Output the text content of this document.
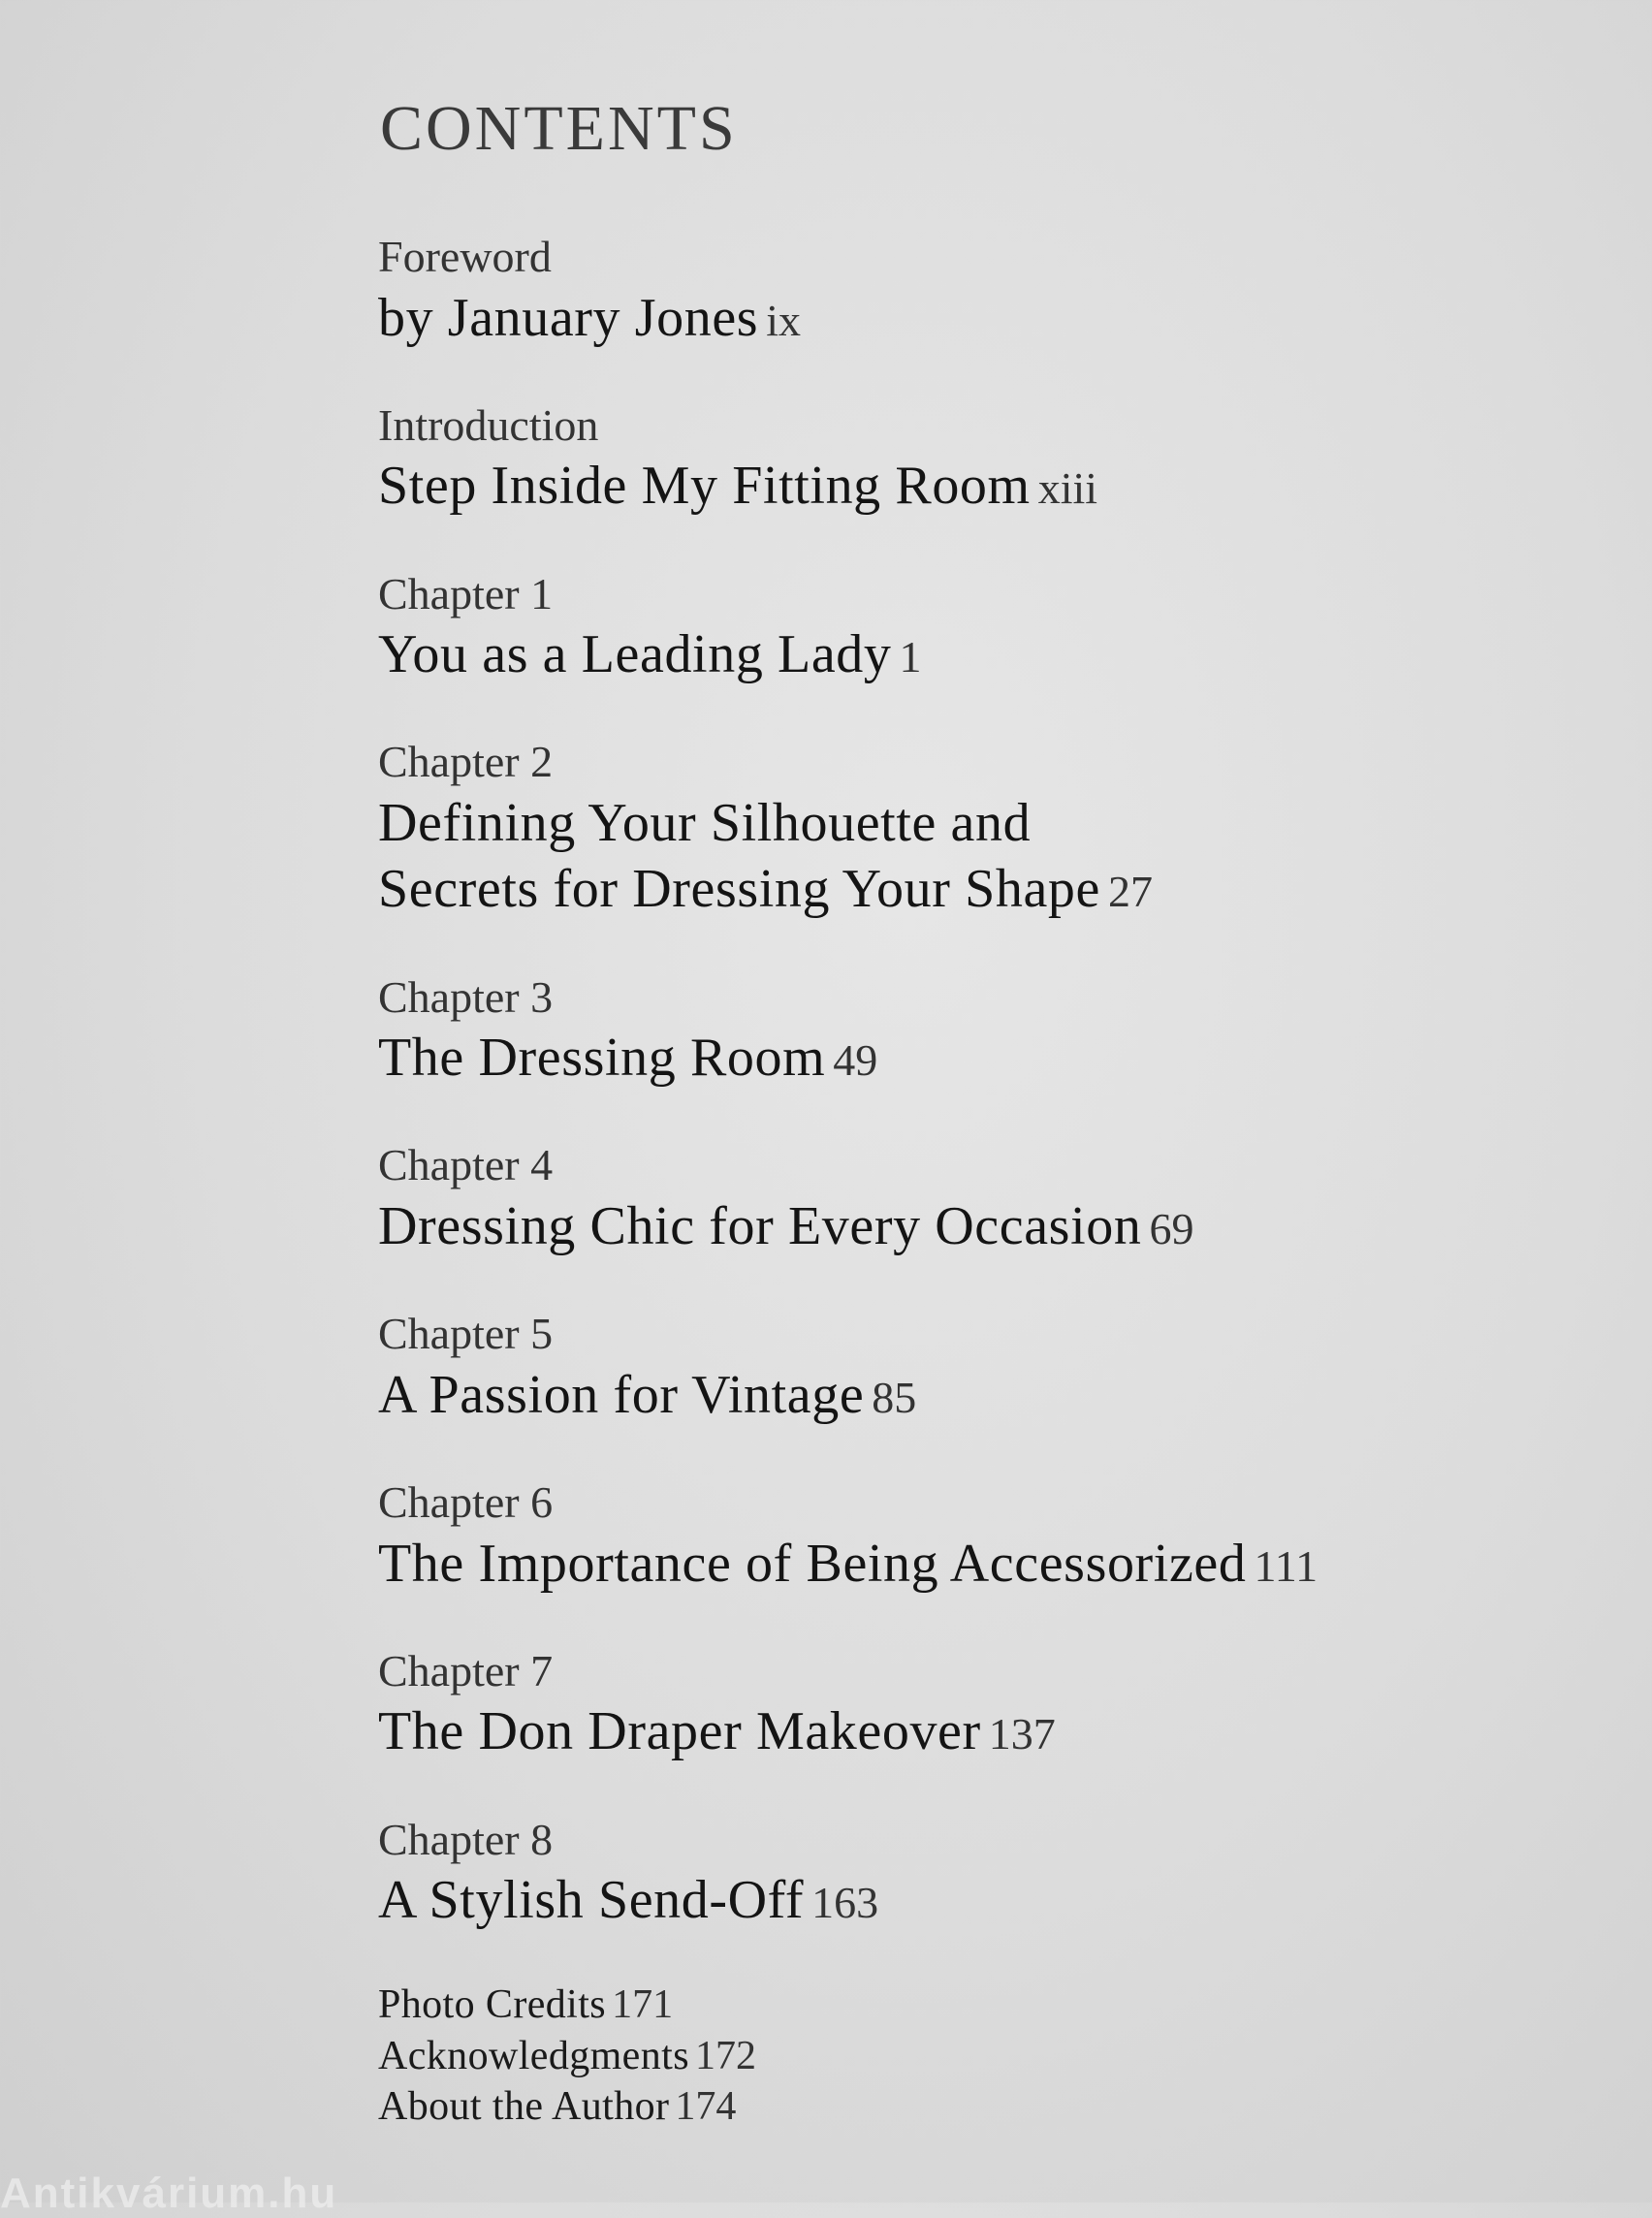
CONTENTS
Foreword
by January Jones ix
Introduction
Step Inside My Fitting Room xiii
Chapter 1
You as a Leading Lady 1
Chapter 2
Defining Your Silhouette and
Secrets for Dressing Your Shape 27
Chapter 3
The Dressing Room 49
Chapter 4
Dressing Chic for Every Occasion 69
Chapter 5
A Passion for Vintage 85
Chapter 6
The Importance of Being Accessorized 111
Chapter 7
The Don Draper Makeover 137
Chapter 8
A Stylish Send-Off 163
Photo Credits 171
Acknowledgments 172
About the Author 174
Antikvárium.hu
